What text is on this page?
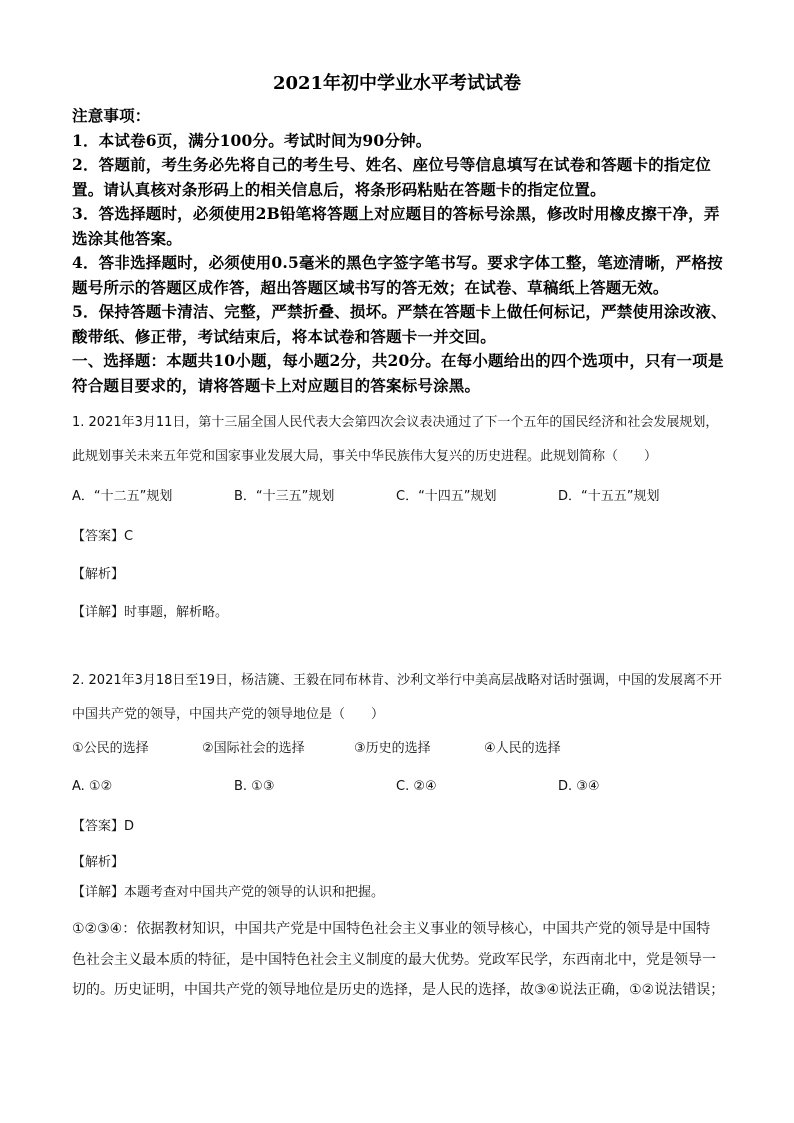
2021年初中学业水平考试试卷

注意事项：

1．本试卷6页，满分100分。考试时间为90分钟。

2．答题前，考生务必先将自己的考生号、姓名、座位号等信息填写在试卷和答题卡的指定位置。请认真核对条形码上的相关信息后，将条形码粘贴在答题卡的指定位置。

3．答选择题时，必须使用2B铅笔将答题上对应题目的答标号涂黑，修改时用橡皮擦干净，弄选涂其他答案。

4．答非选择题时，必须使用0.5毫米的黑色字签字笔书写。要求字体工整，笔迹清晰，严格按题号所示的答题区成作答，超出答题区域书写的答无效；在试卷、草稿纸上答题无效。

5．保持答题卡清洁、完整，严禁折叠、损坏。严禁在答题卡上做任何标记，严禁使用涂改液、酸带纸、修正带，考试结束后，将本试卷和答题卡一并交回。

一、选择题：本题共10小题，每小题2分，共20分。在每小题给出的四个选项中，只有一项是符合题目要求的，请将答题卡上对应题目的答案标号涂黑。

1. 2021年3月11日，第十三届全国人民代表大会第四次会议表决通过了下一个五年的国民经济和社会发展规划，此规划事关未来五年党和国家事业发展大局，事关中华民族伟大复兴的历史进程。此规划简称（　　）

A．“十二五”规划	B．“十三五”规划	C．“十四五”规划	D．“十五五”规划

【答案】C

【解析】

【详解】时事题，解析略。

2. 2021年3月18日至19日，杨洁篪、王毅在同布林肯、沙利文举行中美高层战略对话时强调，中国的发展离不开中国共产党的领导，中国共产党的领导地位是（　　）

①公民的选择	②国际社会的选择	③历史的选择	④人民的选择
A. ①②	B. ①③	C. ②④	D. ③④

【答案】D

【解析】

【详解】本题考查对中国共产党的领导的认识和把握。

①②③④：依据教材知识，中国共产党是中国特色社会主义事业的领导核心，中国共产党的领导是中国特

色社会主义最本质的特征，是中国特色社会主义制度的最大优势。党政军民学，东西南北中，党是领导一

切的。历史证明，中国共产党的领导地位是历史的选择，是人民的选择，故③④说法正确，①②说法错误；
